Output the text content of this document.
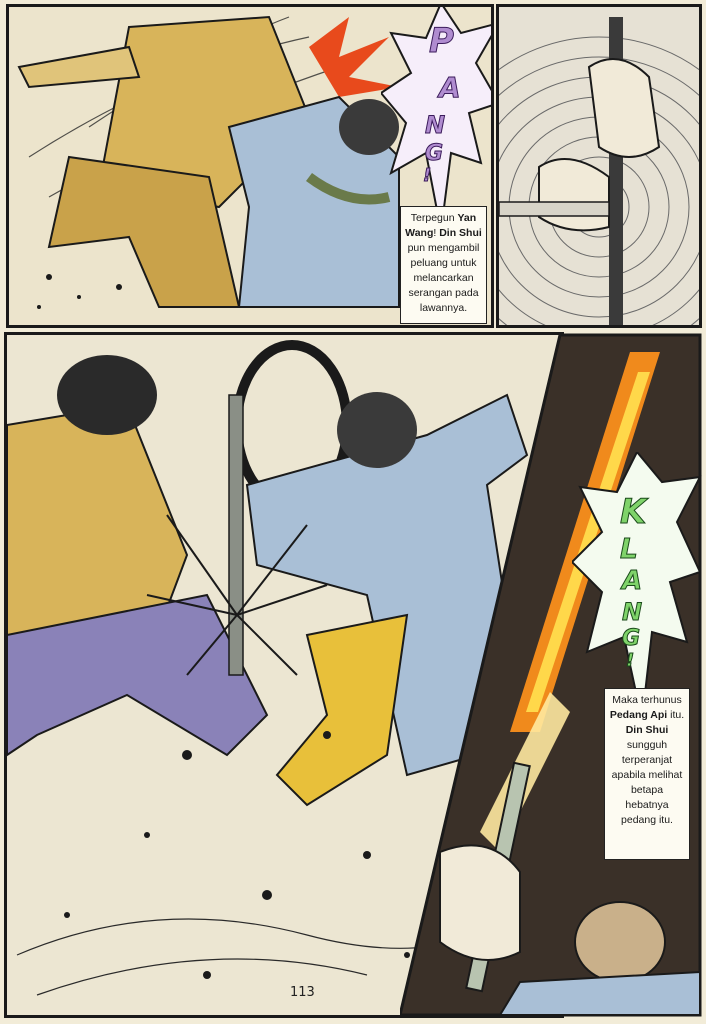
P
A
N
G
!
Terpegun Yan Wang! Din Shui pun mengambil peluang untuk melancarkan serangan pada lawannya.
K
L
A
N
G
!
Maka terhunus Pedang Api itu. Din Shui sungguh terperanjat apabila melihat betapa hebatnya pedang itu.
113
